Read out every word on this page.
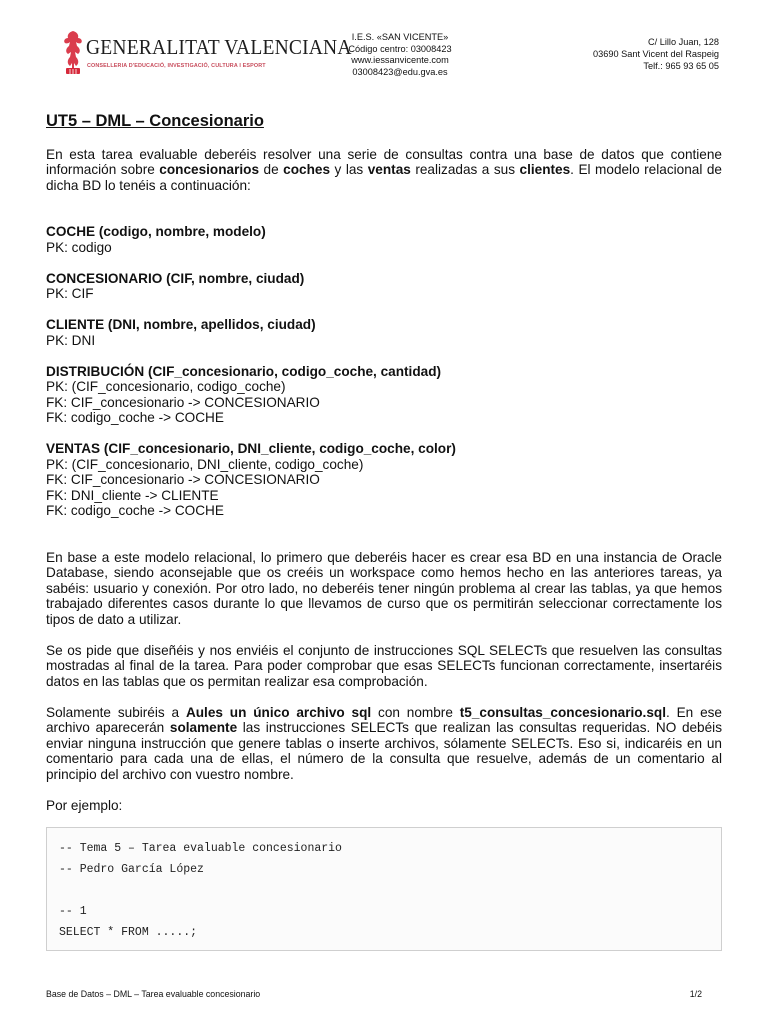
GENERALITAT VALENCIANA
CONSELLERIA D'EDUCACIÓ, INVESTIGACIÓ, CULTURA I ESPORT
I.E.S. «SAN VICENTE»
Código centro: 03008423
www.iessanvicente.com
03008423@edu.gva.es
C/ Lillo Juan, 128
03690 Sant Vicent del Raspeig
Telf.: 965 93 65 05
UT5 – DML – Concesionario

En esta tarea evaluable deberéis resolver una serie de consultas contra una base de datos que contiene información sobre concesionarios de coches y las ventas realizadas a sus clientes. El modelo relacional de dicha BD lo tenéis a continuación:

COCHE (codigo, nombre, modelo)
PK: codigo
CONCESIONARIO (CIF, nombre, ciudad)
PK: CIF
CLIENTE (DNI, nombre, apellidos, ciudad)
PK: DNI
DISTRIBUCIÓN (CIF_concesionario, codigo_coche, cantidad)
PK: (CIF_concesionario, codigo_coche)
FK: CIF_concesionario -> CONCESIONARIO
FK: codigo_coche -> COCHE
VENTAS (CIF_concesionario, DNI_cliente, codigo_coche, color)
PK: (CIF_concesionario, DNI_cliente, codigo_coche)
FK: CIF_concesionario -> CONCESIONARIO
FK: DNI_cliente -> CLIENTE
FK: codigo_coche -> COCHE

En base a este modelo relacional, lo primero que deberéis hacer es crear esa BD en una instancia de Oracle Database, siendo aconsejable que os creéis un workspace como hemos hecho en las anteriores tareas, ya sabéis: usuario y conexión. Por otro lado, no deberéis tener ningún problema al crear las tablas, ya que hemos trabajado diferentes casos durante lo que llevamos de curso que os permitirán seleccionar correctamente los tipos de dato a utilizar.

Se os pide que diseñéis y nos enviéis el conjunto de instrucciones SQL SELECTs que resuelven las consultas mostradas al final de la tarea. Para poder comprobar que esas SELECTs funcionan correctamente, insertaréis datos en las tablas que os permitan realizar esa comprobación.

Solamente subiréis a Aules un único archivo sql con nombre t5_consultas_concesionario.sql. En ese archivo aparecerán solamente las instrucciones SELECTs que realizan las consultas requeridas. NO debéis enviar ninguna instrucción que genere tablas o inserte archivos, sólamente SELECTs. Eso si, indicaréis en un comentario para cada una de ellas, el número de la consulta que resuelve, además de un comentario al principio del archivo con vuestro nombre.

Por ejemplo:

-- Tema 5 – Tarea evaluable concesionario
-- Pedro García López
-- 1
SELECT * FROM .....;
Base de Datos – DML – Tarea evaluable concesionario	1/2
